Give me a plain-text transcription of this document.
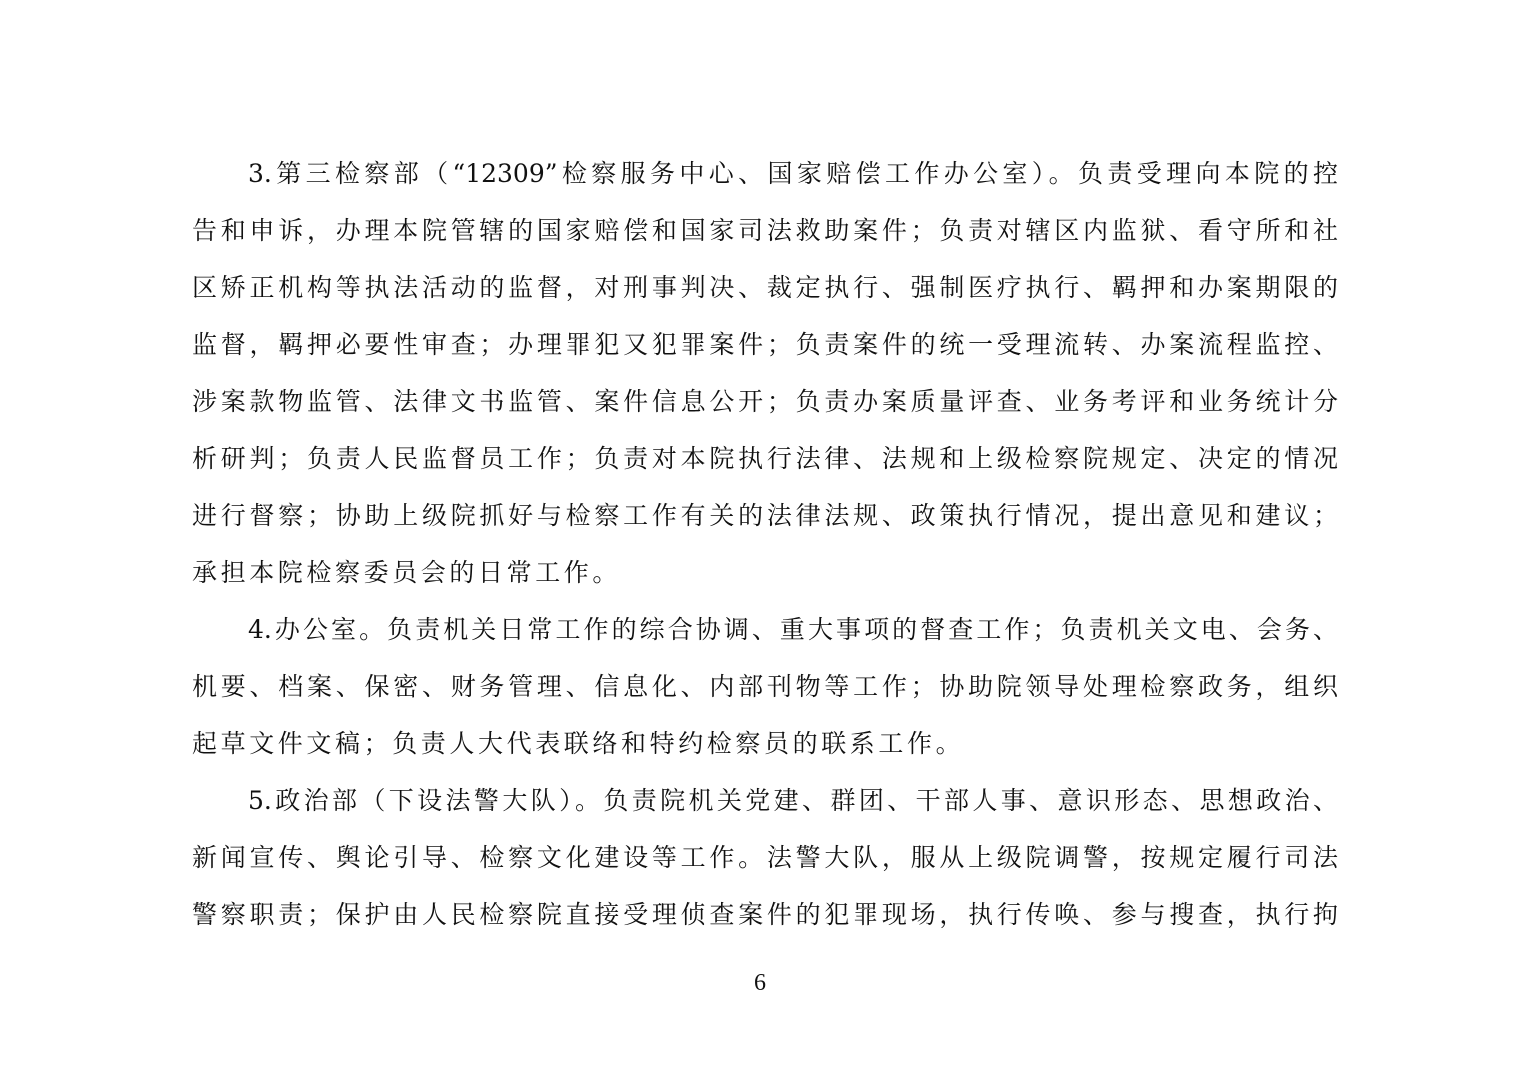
3.第三检察部（“12309”检察服务中心、国家赔偿工作办公室）。负责受理向本院的控
告和申诉，办理本院管辖的国家赔偿和国家司法救助案件；负责对辖区内监狱、看守所和社
区矫正机构等执法活动的监督，对刑事判决、裁定执行、强制医疗执行、羁押和办案期限的
监督，羁押必要性审查；办理罪犯又犯罪案件；负责案件的统一受理流转、办案流程监控、
涉案款物监管、法律文书监管、案件信息公开；负责办案质量评查、业务考评和业务统计分
析研判；负责人民监督员工作；负责对本院执行法律、法规和上级检察院规定、决定的情况
进行督察；协助上级院抓好与检察工作有关的法律法规、政策执行情况，提出意见和建议；
承担本院检察委员会的日常工作。
4.办公室。负责机关日常工作的综合协调、重大事项的督查工作；负责机关文电、会务、
机要、档案、保密、财务管理、信息化、内部刊物等工作；协助院领导处理检察政务，组织
起草文件文稿；负责人大代表联络和特约检察员的联系工作。
5.政治部（下设法警大队）。负责院机关党建、群团、干部人事、意识形态、思想政治、
新闻宣传、舆论引导、检察文化建设等工作。法警大队，服从上级院调警，按规定履行司法
警察职责；保护由人民检察院直接受理侦查案件的犯罪现场，执行传唤、参与搜查，执行拘
6
